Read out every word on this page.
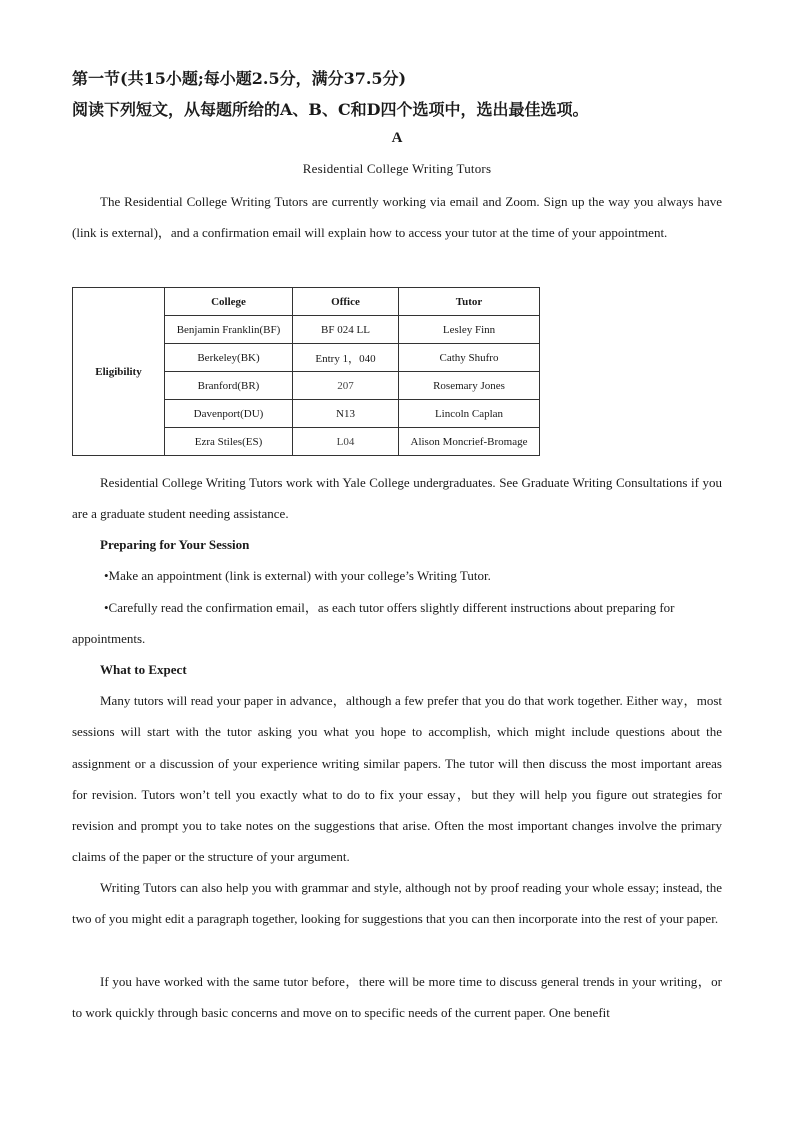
第一节(共15小题;每小题2.5分，满分37.5分)
阅读下列短文，从每题所给的A、B、C和D四个选项中，选出最佳选项。
A
Residential College Writing Tutors

The Residential College Writing Tutors are currently working via email and Zoom. Sign up the way you always have (link is external)，and a confirmation email will explain how to access your tutor at the time of your appointment.

Eligibility	College	Office	Tutor
	Benjamin Franklin(BF)	BF 024 LL	Lesley Finn
	Berkeley(BK)	Entry 1，040	Cathy Shufro
	Branford(BR)	207	Rosemary Jones
	Davenport(DU)	N13	Lincoln Caplan
	Ezra Stiles(ES)	L04	Alison Moncrief-Bromage

Residential College Writing Tutors work with Yale College undergraduates. See Graduate Writing Consultations if you are a graduate student needing assistance.

Preparing for Your Session

•Make an appointment (link is external) with your college’s Writing Tutor.

•Carefully read the confirmation email，as each tutor offers slightly different instructions about preparing for appointments.

What to Expect

Many tutors will read your paper in advance，although a few prefer that you do that work together. Either way，most sessions will start with the tutor asking you what you hope to accomplish, which might include questions about the assignment or a discussion of your experience writing similar papers. The tutor will then discuss the most important areas for revision. Tutors won’t tell you exactly what to do to fix your essay，but they will help you figure out strategies for revision and prompt you to take notes on the suggestions that arise. Often the most important changes involve the primary claims of the paper or the structure of your argument.

Writing Tutors can also help you with grammar and style, although not by proof reading your whole essay; instead, the two of you might edit a paragraph together, looking for suggestions that you can then incorporate into the rest of your paper.

If you have worked with the same tutor before，there will be more time to discuss general trends in your writing，or to work quickly through basic concerns and move on to specific needs of the current paper. One benefit
